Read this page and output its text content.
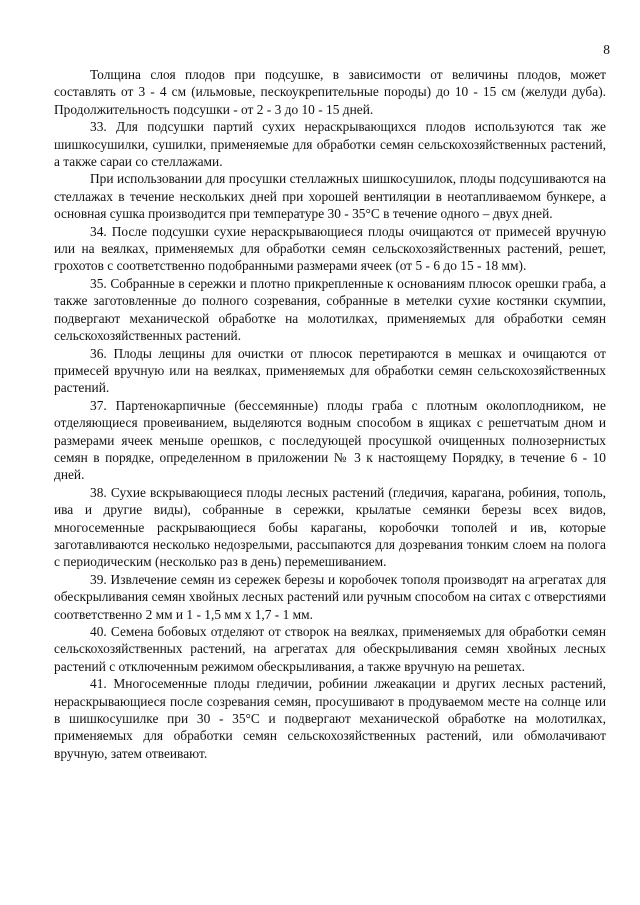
8

Толщина слоя плодов при подсушке, в зависимости от величины плодов, может составлять от 3 - 4 см (ильмовые, пескоукрепительные породы) до 10 - 15 см (желуди дуба). Продолжительность подсушки - от 2 - 3 до 10 - 15 дней.

33. Для подсушки партий сухих нераскрывающихся плодов используются так же шишкосушилки, сушилки, применяемые для обработки семян сельскохозяйственных растений, а также сараи со стеллажами.

При использовании для просушки стеллажных шишкосушилок, плоды подсушиваются на стеллажах в течение нескольких дней при хорошей вентиляции в неотапливаемом бункере, а основная сушка производится при температуре 30 - 35°С в течение одного – двух дней.

34. После подсушки сухие нераскрывающиеся плоды очищаются от примесей вручную или на веялках, применяемых для обработки семян сельскохозяйственных растений, решет, грохотов с соответственно подобранными размерами ячеек (от 5 - 6 до 15 - 18 мм).

35. Собранные в сережки и плотно прикрепленные к основаниям плюсок орешки граба, а также заготовленные до полного созревания, собранные в метелки сухие костянки скумпии, подвергают механической обработке на молотилках, применяемых для обработки семян сельскохозяйственных растений.

36. Плоды лещины для очистки от плюсок перетираются в мешках и очищаются от примесей вручную или на веялках, применяемых для обработки семян сельскохозяйственных растений.

37. Партенокарпичные (бессемянные) плоды граба с плотным околоплодником, не отделяющиеся провеиванием, выделяются водным способом в ящиках с решетчатым дном и размерами ячеек меньше орешков, с последующей просушкой очищенных полнозернистых семян в порядке, определенном в приложении № 3 к настоящему Порядку, в течение 6 - 10 дней.

38. Сухие вскрывающиеся плоды лесных растений (гледичия, карагана, робиния, тополь, ива и другие виды), собранные в сережки, крылатые семянки березы всех видов, многосеменные раскрывающиеся бобы караганы, коробочки тополей и ив, которые заготавливаются несколько недозрелыми, рассыпаются для дозревания тонким слоем на полога с периодическим (несколько раз в день) перемешиванием.

39. Извлечение семян из сережек березы и коробочек тополя производят на агрегатах для обескрыливания семян хвойных лесных растений или ручным способом на ситах с отверстиями соответственно 2 мм и 1 - 1,5 мм х 1,7 - 1 мм.

40. Семена бобовых отделяют от створок на веялках, применяемых для обработки семян сельскохозяйственных растений, на агрегатах для обескрыливания семян хвойных лесных растений с отключенным режимом обескрыливания, а также вручную на решетах.

41. Многосеменные плоды гледичии, робинии лжеакации и других лесных растений, нераскрывающиеся после созревания семян, просушивают в продуваемом месте на солнце или в шишкосушилке при 30 - 35°С и подвергают механической обработке на молотилках, применяемых для обработки семян сельскохозяйственных растений, или обмолачивают вручную, затем отвеивают.
